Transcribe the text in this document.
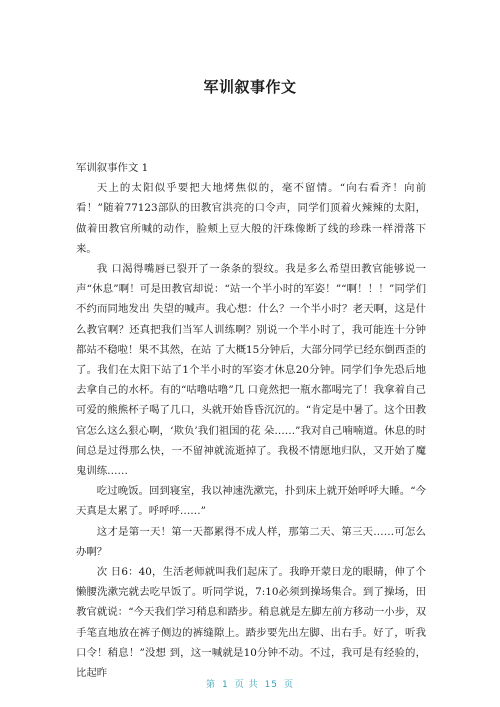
军训叙事作文

军训叙事作文 1

天上的太阳似乎要把大地烤焦似的，毫不留情。“向右看齐！向前看！”随着77123部队的田教官洪亮的口令声，同学们顶着火辣辣的太阳，做着田教官所喊的动作，脸颊上豆大般的汗珠像断了线的珍珠一样滑落下来。

我 口渴得嘴唇已裂开了一条条的裂纹。我是多么希望田教官能够说一声“休息”啊！可是田教官却说：“站一个半小时的军姿！”“啊！！！”同学们不约而同地发出 失望的喊声。我心想：什么？一个半小时？老天啊，这是什么教官啊？还真把我们当军人训练啊？别说一个半小时了，我可能连十分钟都站不稳啦！果不其然，在站 了大概15分钟后，大部分同学已经东倒西歪的了。我们在太阳下站了1个半小时的军姿才休息20分钟。同学们争先恐后地去拿自己的水杯。有的“咕噜咕噜”几 口竟然把一瓶水都喝完了！我拿着自己可爱的熊熊杯子喝了几口，头就开始昏昏沉沉的。“肯定是中暑了。这个田教官怎么这么狠心啊，‘欺负’我们祖国的花 朵……”我对自己喃喃道。休息的时间总是过得那么快，一不留神就流逝掉了。我极不情愿地归队，又开始了魔鬼训练……

吃过晚饭。回到寝室，我以神速洗漱完，扑到床上就开始呼呼大睡。“今天真是太累了。呼呼呼……”

这才是第一天！第一天都累得不成人样，那第二天、第三天……可怎么办啊？

次 日6：40，生活老师就叫我们起床了。我睁开蒙日龙的眼睛，伸了个懒腰洗漱完就去吃早饭了。听同学说，7:10必须到操场集合。到了操场，田教官就说：“今天我们学习稍息和踏步。稍息就是左脚左前方移动一小步，双手笔直地放在裤子侧边的裤缝隙上。踏步要先出左脚、出右手。好了，听我口令！稍息！”没想 到，这一喊就是10分钟不动。不过，我可是有经验的，比起昨

第 1 页 共 15 页
